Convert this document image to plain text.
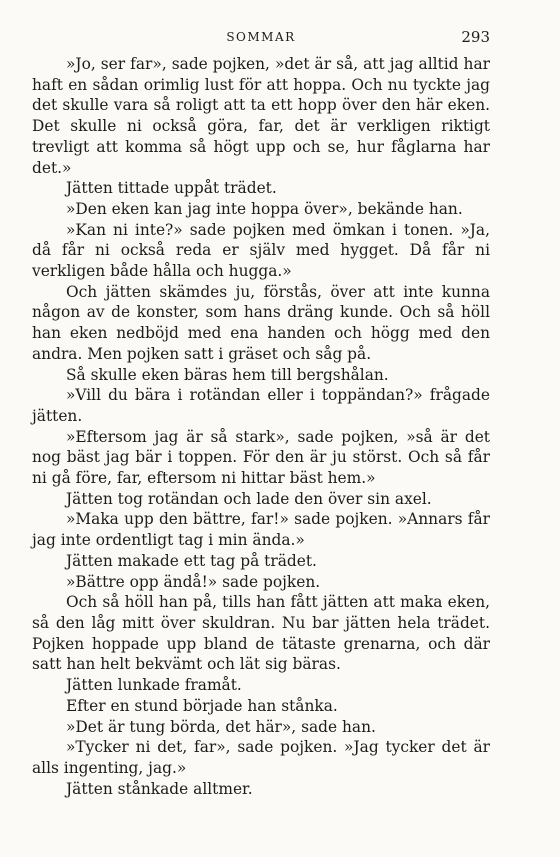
SOMMAR	293

»Jo, ser far», sade pojken, »det är så, att jag alltid har haft en sådan orimlig lust för att hoppa. Och nu tyckte jag det skulle vara så roligt att ta ett hopp över den här eken. Det skulle ni också göra, far, det är verkligen riktigt trevligt att komma så högt upp och se, hur fåglarna har det.»

Jätten tittade uppåt trädet.

»Den eken kan jag inte hoppa över», bekände han.

»Kan ni inte?» sade pojken med ömkan i tonen. »Ja, då får ni också reda er själv med hygget. Då får ni verkligen både hålla och hugga.»

Och jätten skämdes ju, förstås, över att inte kunna någon av de konster, som hans dräng kunde. Och så höll han eken nedböjd med ena handen och högg med den andra. Men pojken satt i gräset och såg på.

Så skulle eken bäras hem till bergshålan.

»Vill du bära i rotändan eller i toppändan?» frågade jätten.

»Eftersom jag är så stark», sade pojken, »så är det nog bäst jag bär i toppen. För den är ju störst. Och så får ni gå före, far, eftersom ni hittar bäst hem.»

Jätten tog rotändan och lade den över sin axel.

»Maka upp den bättre, far!» sade pojken. »Annars får jag inte ordentligt tag i min ända.»

Jätten makade ett tag på trädet.

»Bättre opp ändå!» sade pojken.

Och så höll han på, tills han fått jätten att maka eken, så den låg mitt över skuldran. Nu bar jätten hela trädet. Pojken hoppade upp bland de tätaste grenarna, och där satt han helt bekvämt och lät sig bäras.

Jätten lunkade framåt.

Efter en stund började han stånka.

»Det är tung börda, det här», sade han.

»Tycker ni det, far», sade pojken. »Jag tycker det är alls ingenting, jag.»

Jätten stånkade alltmer.
